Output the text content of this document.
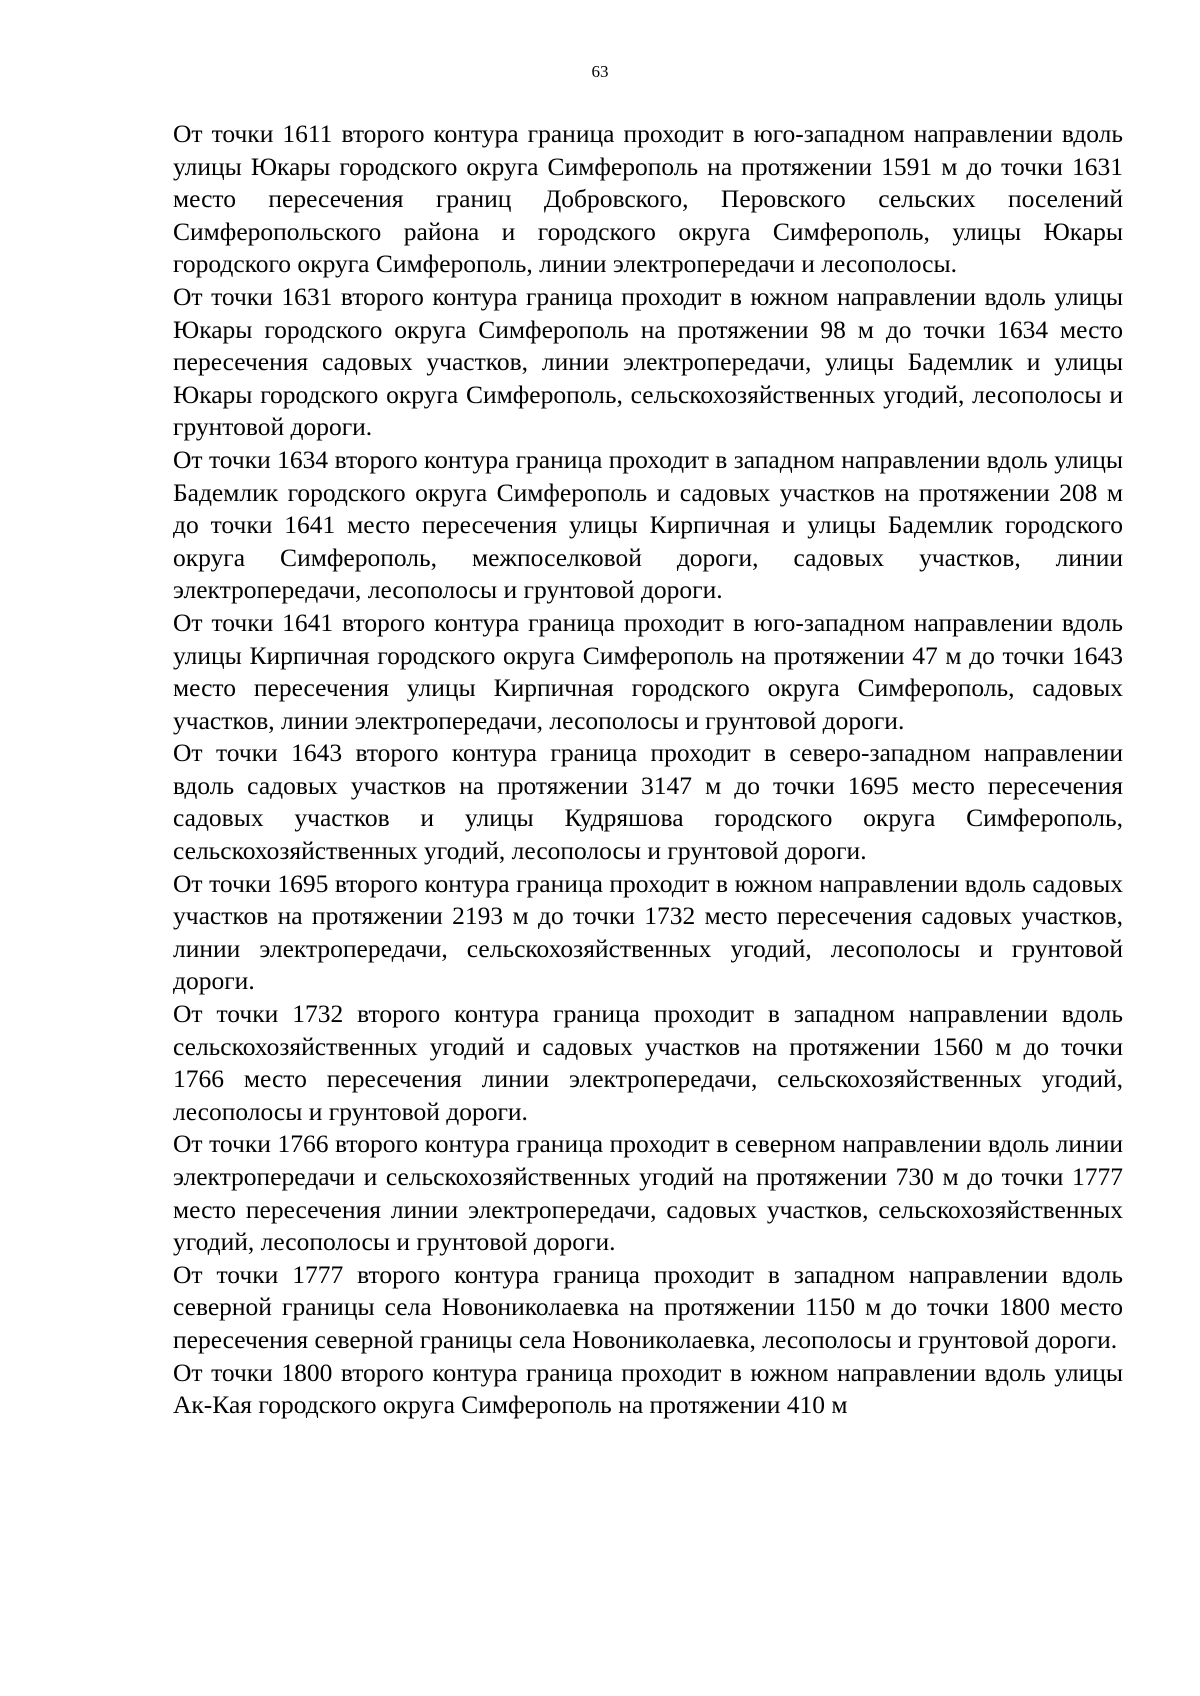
63

От точки 1611 второго контура граница проходит в юго-западном направлении вдоль улицы Юкары городского округа Симферополь на протяжении 1591 м до точки 1631 место пересечения границ Добровского, Перовского сельских поселений Симферопольского района и городского округа Симферополь, улицы Юкары городского округа Симферополь, линии электропередачи и лесополосы.

От точки 1631 второго контура граница проходит в южном направлении вдоль улицы Юкары городского округа Симферополь на протяжении 98 м до точки 1634 место пересечения садовых участков, линии электропередачи, улицы Бадемлик и улицы Юкары городского округа Симферополь, сельскохозяйственных угодий, лесополосы и грунтовой дороги.

От точки 1634 второго контура граница проходит в западном направлении вдоль улицы Бадемлик городского округа Симферополь и садовых участков на протяжении 208 м до точки 1641 место пересечения улицы Кирпичная и улицы Бадемлик городского округа Симферополь, межпоселковой дороги, садовых участков, линии электропередачи, лесополосы и грунтовой дороги.

От точки 1641 второго контура граница проходит в юго-западном направлении вдоль улицы Кирпичная городского округа Симферополь на протяжении 47 м до точки 1643 место пересечения улицы Кирпичная городского округа Симферополь, садовых участков, линии электропередачи, лесополосы и грунтовой дороги.

От точки 1643 второго контура граница проходит в северо-западном направлении вдоль садовых участков на протяжении 3147 м до точки 1695 место пересечения садовых участков и улицы Кудряшова городского округа Симферополь, сельскохозяйственных угодий, лесополосы и грунтовой дороги.

От точки 1695 второго контура граница проходит в южном направлении вдоль садовых участков на протяжении 2193 м до точки 1732 место пересечения садовых участков, линии электропередачи, сельскохозяйственных угодий, лесополосы и грунтовой дороги.

От точки 1732 второго контура граница проходит в западном направлении вдоль сельскохозяйственных угодий и садовых участков на протяжении 1560 м до точки 1766 место пересечения линии электропередачи, сельскохозяйственных угодий, лесополосы и грунтовой дороги.

От точки 1766 второго контура граница проходит в северном направлении вдоль линии электропередачи и сельскохозяйственных угодий на протяжении 730 м до точки 1777 место пересечения линии электропередачи, садовых участков, сельскохозяйственных угодий, лесополосы и грунтовой дороги.

От точки 1777 второго контура граница проходит в западном направлении вдоль северной границы села Новониколаевка на протяжении 1150 м до точки 1800 место пересечения северной границы села Новониколаевка, лесополосы и грунтовой дороги.

От точки 1800 второго контура граница проходит в южном направлении вдоль улицы Ак-Кая городского округа Симферополь на протяжении 410 м
